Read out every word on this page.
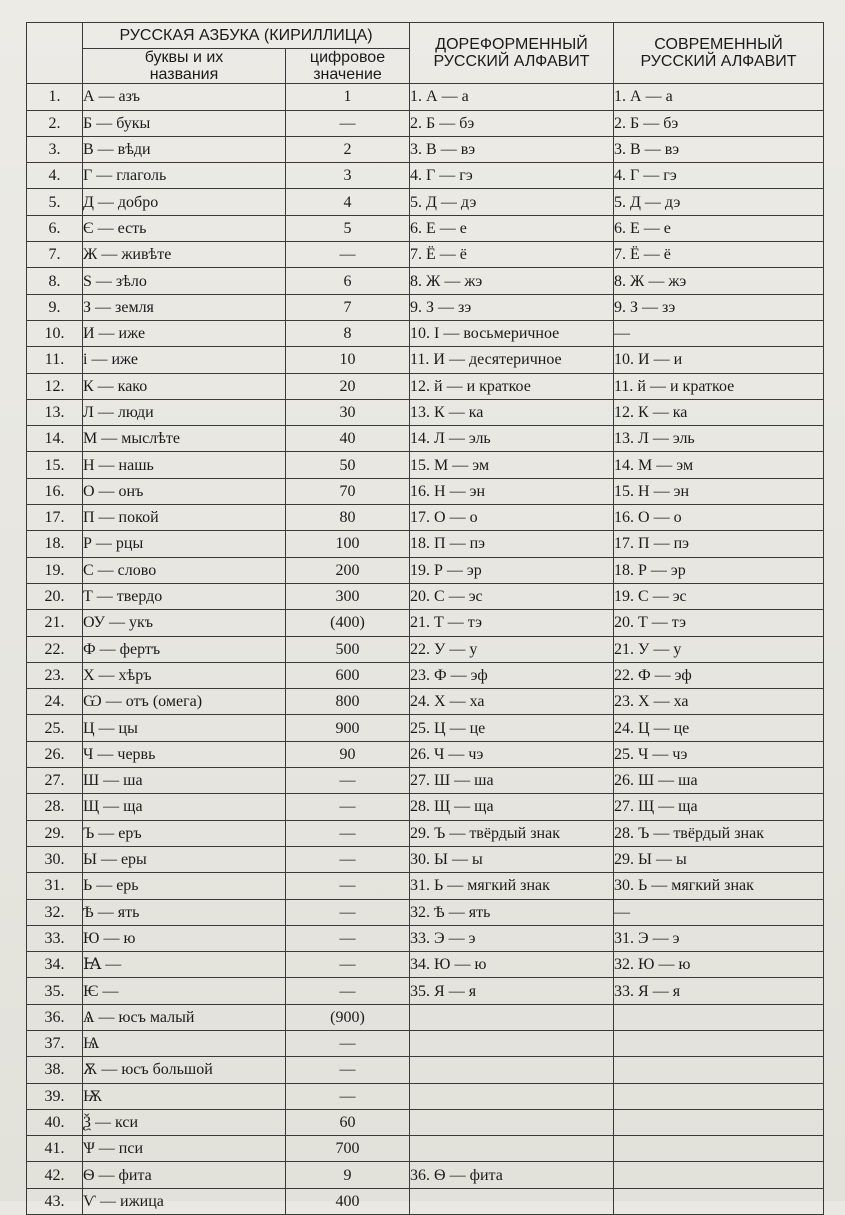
	РУССКАЯ АЗБУКА (КИРИЛЛИЦА)		ДОРЕФОРМЕННЫЙ РУССКИЙ АЛФАВИТ	СОВРЕМЕННЫЙ РУССКИЙ АЛФАВИТ
	буквы и их названия	цифровое значение		
1.	А — азъ	1	1. А — а	1. А — а
2.	Б — букы	—	2. Б — бэ	2. Б — бэ
3.	В — вѣди	2	3. В — вэ	3. В — вэ
4.	Г — глаголь	3	4. Г — гэ	4. Г — гэ
5.	Д — добро	4	5. Д — дэ	5. Д — дэ
6.	Є — есть	5	6. Е — е	6. Е — е
7.	Ж — живѣте	—	7. Ё — ё	7. Ё — ё
8.	S — зѣло	6	8. Ж — жэ	8. Ж — жэ
9.	З — земля	7	9. З — зэ	9. З — зэ
10.	И — иже	8	10. І — восьмеричное	—
11.	і — иже	10	11. И — десятеричное	10. И — и
12.	К — како	20	12. й — и краткое	11. й — и краткое
13.	Л — люди	30	13. К — ка	12. К — ка
14.	М — мыслѣте	40	14. Л — эль	13. Л — эль
15.	Н — нашь	50	15. М — эм	14. М — эм
16.	О — онъ	70	16. Н — эн	15. Н — эн
17.	П — покой	80	17. О — о	16. О — о
18.	Р — рцы	100	18. П — пэ	17. П — пэ
19.	С — слово	200	19. Р — эр	18. Р — эр
20.	Т — твердо	300	20. С — эс	19. С — эс
21.	ОУ — укъ	(400)	21. Т — тэ	20. Т — тэ
22.	Ф — фертъ	500	22. У — у	21. У — у
23.	Х — хѣръ	600	23. Ф — эф	22. Ф — эф
24.	Ѡ — отъ (омега)	800	24. Х — ха	23. Х — ха
25.	Ц — цы	900	25. Ц — це	24. Ц — це
26.	Ч — червь	90	26. Ч — чэ	25. Ч — чэ
27.	Ш — ша	—	27. Ш — ша	26. Ш — ша
28.	Щ — ща	—	28. Щ — ща	27. Щ — ща
29.	Ъ — еръ	—	29. Ъ — твёрдый знак	28. Ъ — твёрдый знак
30.	Ы — еры	—	30. Ы — ы	29. Ы — ы
31.	Ь — ерь	—	31. Ь — мягкий знак	30. Ь — мягкий знак
32.	Ѣ — ять	—	32. Ѣ — ять	—
33.	Ю — ю	—	33. Э — э	31. Э — э
34.	Ꙗ —	—	34. Ю — ю	32. Ю — ю
35.	Ѥ —	—	35. Я — я	33. Я — я
36.	Ѧ — юсъ малый	(900)		
37.	Ѩ	—		
38.	Ѫ — юсъ большой	—		
39.	Ѭ	—		
40.	Ѯ — кси	60		
41.	Ѱ — пси	700		
42.	Ѳ — фита	9	36. Ѳ — фита	
43.	Ѵ — ижица	400		
